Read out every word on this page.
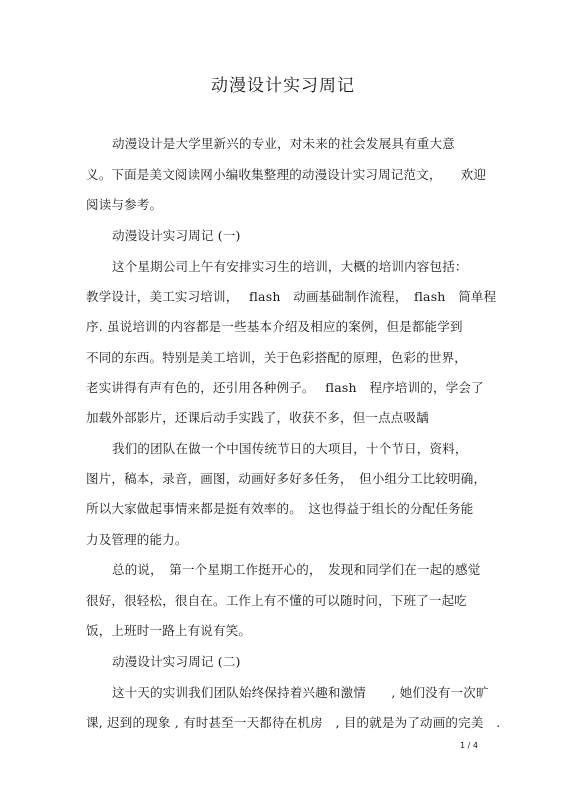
动漫设计实习周记
动漫设计是大学里新兴的专业，对未来的社会发展具有重大意
义。下面是美文阅读网小编收集整理的动漫设计实习周记范文，　　欢迎
阅读与参考。
动漫设计实习周记 (一)
这个星期公司上午有安排实习生的培训，大概的培训内容包括：
教学设计，美工实习培训，　 flash　动画基础制作流程，　flash　简单程
序. 虽说培训的内容都是一些基本介绍及相应的案例，但是都能学到
不同的东西。特别是美工培训，关于色彩搭配的原理，色彩的世界，
老实讲得有声有色的，还引用各种例子。　 flash　程序培训的，学会了
加载外部影片，还课后动手实践了，收获不多，但一点点吸龋
我们的团队在做一个中国传统节日的大项目，十个节日，资料，
图片，稿本，录音，画图，动画好多好多任务，　但小组分工比较明确，
所以大家做起事情来都是挺有效率的。　这也得益于组长的分配任务能
力及管理的能力。
总的说，　第一个星期工作挺开心的，　发现和同学们在一起的感觉
很好，很轻松，很自在。工作上有不懂的可以随时问，下班了一起吃
饭，上班时一路上有说有笑。
动漫设计实习周记 (二)
这十天的实训我们团队始终保持着兴趣和激情　　, 她们没有一次旷
课, 迟到的现象 , 有时甚至一天都待在机房　, 目的就是为了动画的完美　.
1 / 4
